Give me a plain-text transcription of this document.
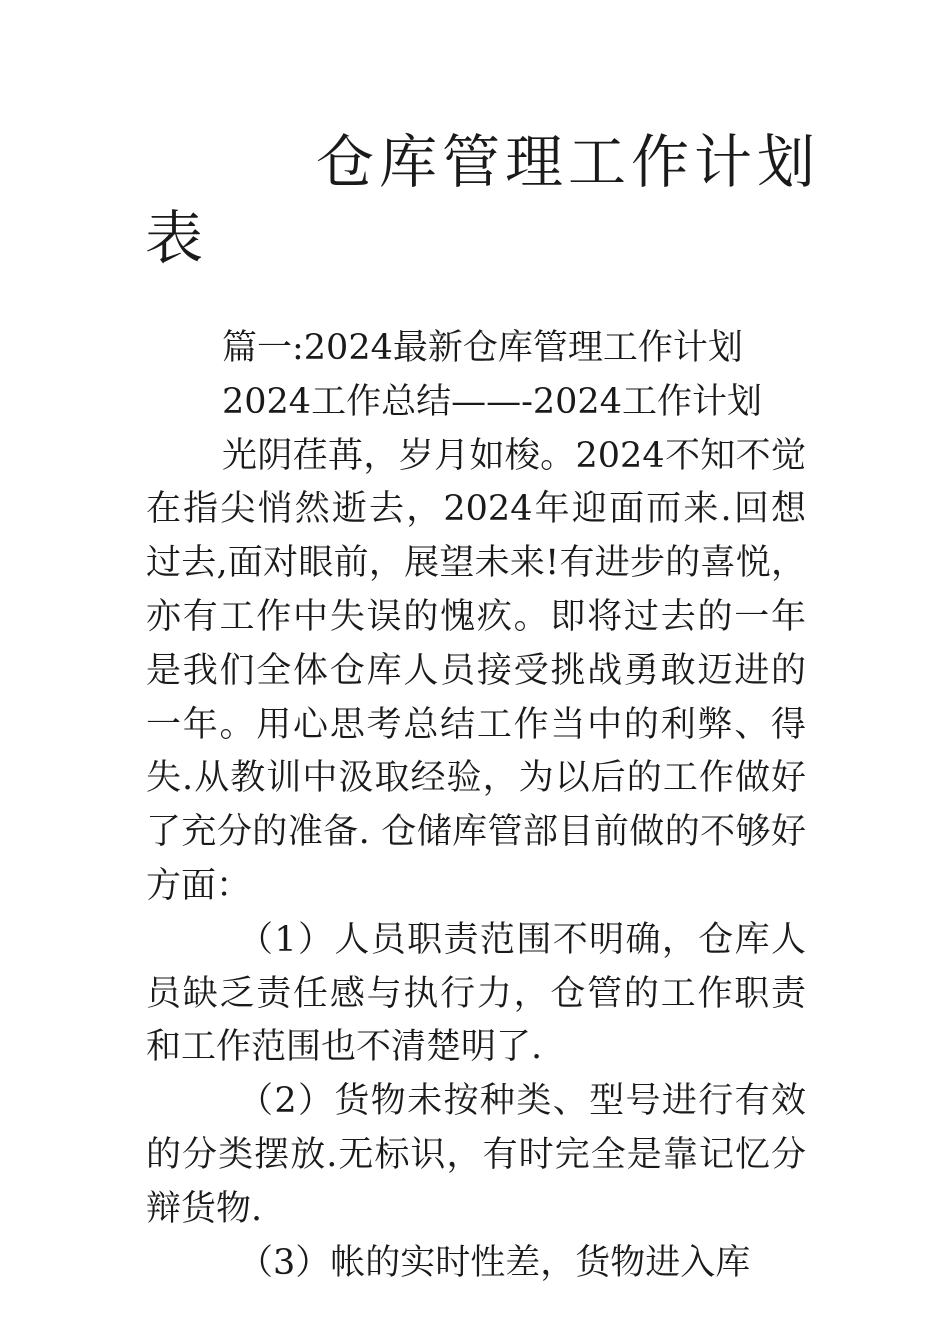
仓库管理工作计划
表

篇一:2024最新仓库管理工作计划

2024工作总结——-2024工作计划

光阴荏苒，岁月如梭。2024不知不觉在指尖悄然逝去，2024年迎面而来.回想过去,面对眼前，展望未来!有进步的喜悦，亦有工作中失误的愧疚。即将过去的一年是我们全体仓库人员接受挑战勇敢迈进的一年。用心思考总结工作当中的利弊、得失.从教训中汲取经验，为以后的工作做好了充分的准备. 仓储库管部目前做的不够好方面：

（1）人员职责范围不明确，仓库人员缺乏责任感与执行力，仓管的工作职责和工作范围也不清楚明了.

（2）货物未按种类、型号进行有效的分类摆放.无标识，有时完全是靠记忆分辩货物.

（3）帐的实时性差，货物进入库
